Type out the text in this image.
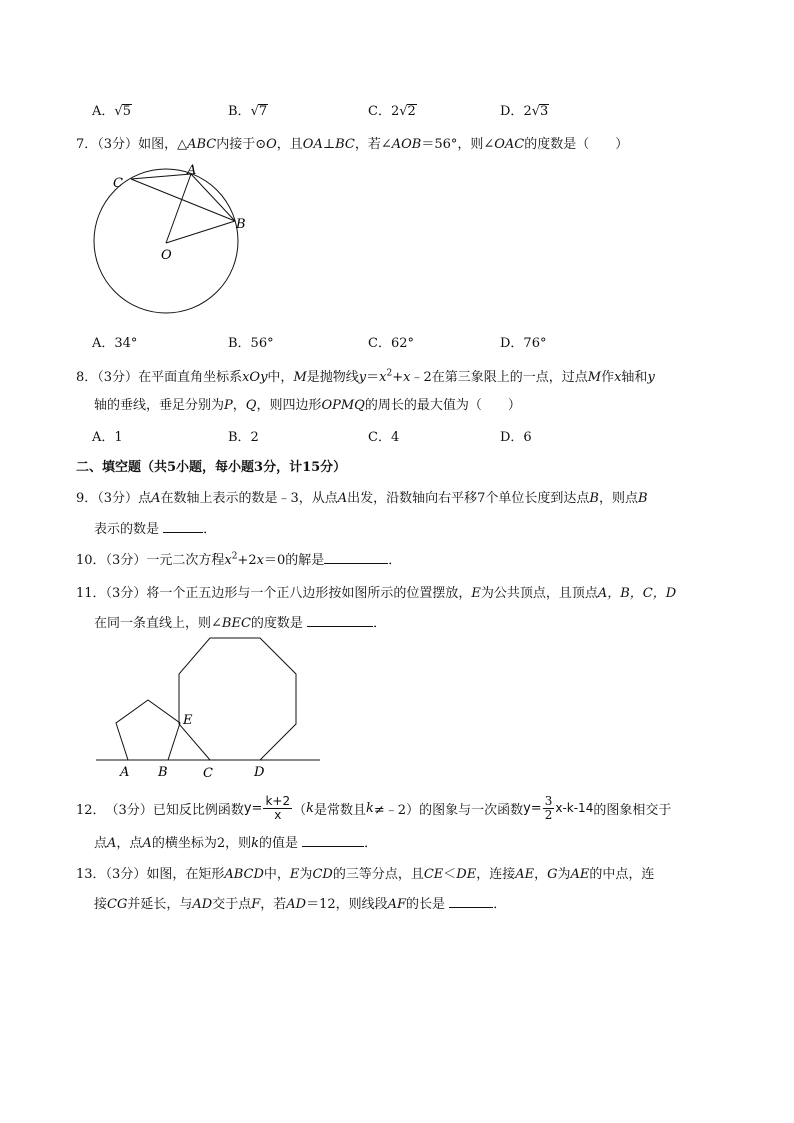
A．√5	B．√7	C．2√2	D．2√3
7．（3分）如图，△ABC内接于⊙O，且OA⊥BC，若∠AOB＝56°，则∠OAC的度数是（　　）
C
A
B
O
A．34°	B．56°	C．62°	D．76°
8．（3分）在平面直角坐标系xOy中，M是抛物线$y=x^2+x﹣2$在第三象限上的一点，过点M作x轴和y
轴的垂线，垂足分别为P，Q，则四边形OPMQ的周长的最大值为（　　）
A．1	B．2	C．4	D．6
二、填空题（共5小题，每小题3分，计15分）
9．（3分）点A在数轴上表示的数是﹣3，从点A出发，沿数轴向右平移7个单位长度到达点B，则点B
表示的数是	．
10．（3分）一元二次方程$x^2+2x=0$的解是	．
11．（3分）将一个正五边形与一个正八边形按如图所示的位置摆放，E为公共顶点，且顶点A，B，C，D
在同一条直线上，则∠BEC的度数是	．
E
A B	C	D
12． （3分） 已知反比例函数 $y = \frac{k+2}{x}$ （ k 是常数且 k ≠﹣2） 的图象与一次函数 $y = \frac{3}{2} x-k-14$ 的图象相交于
点A，点A的横坐标为2，则k的值是	．
13．（3分）如图，在矩形ABCD中，E为CD的三等分点，且CE＜DE，连接AE，G为AE的中点，连
接CG并延长，与AD交于点F，若AD＝12，则线段AF的长是	．
